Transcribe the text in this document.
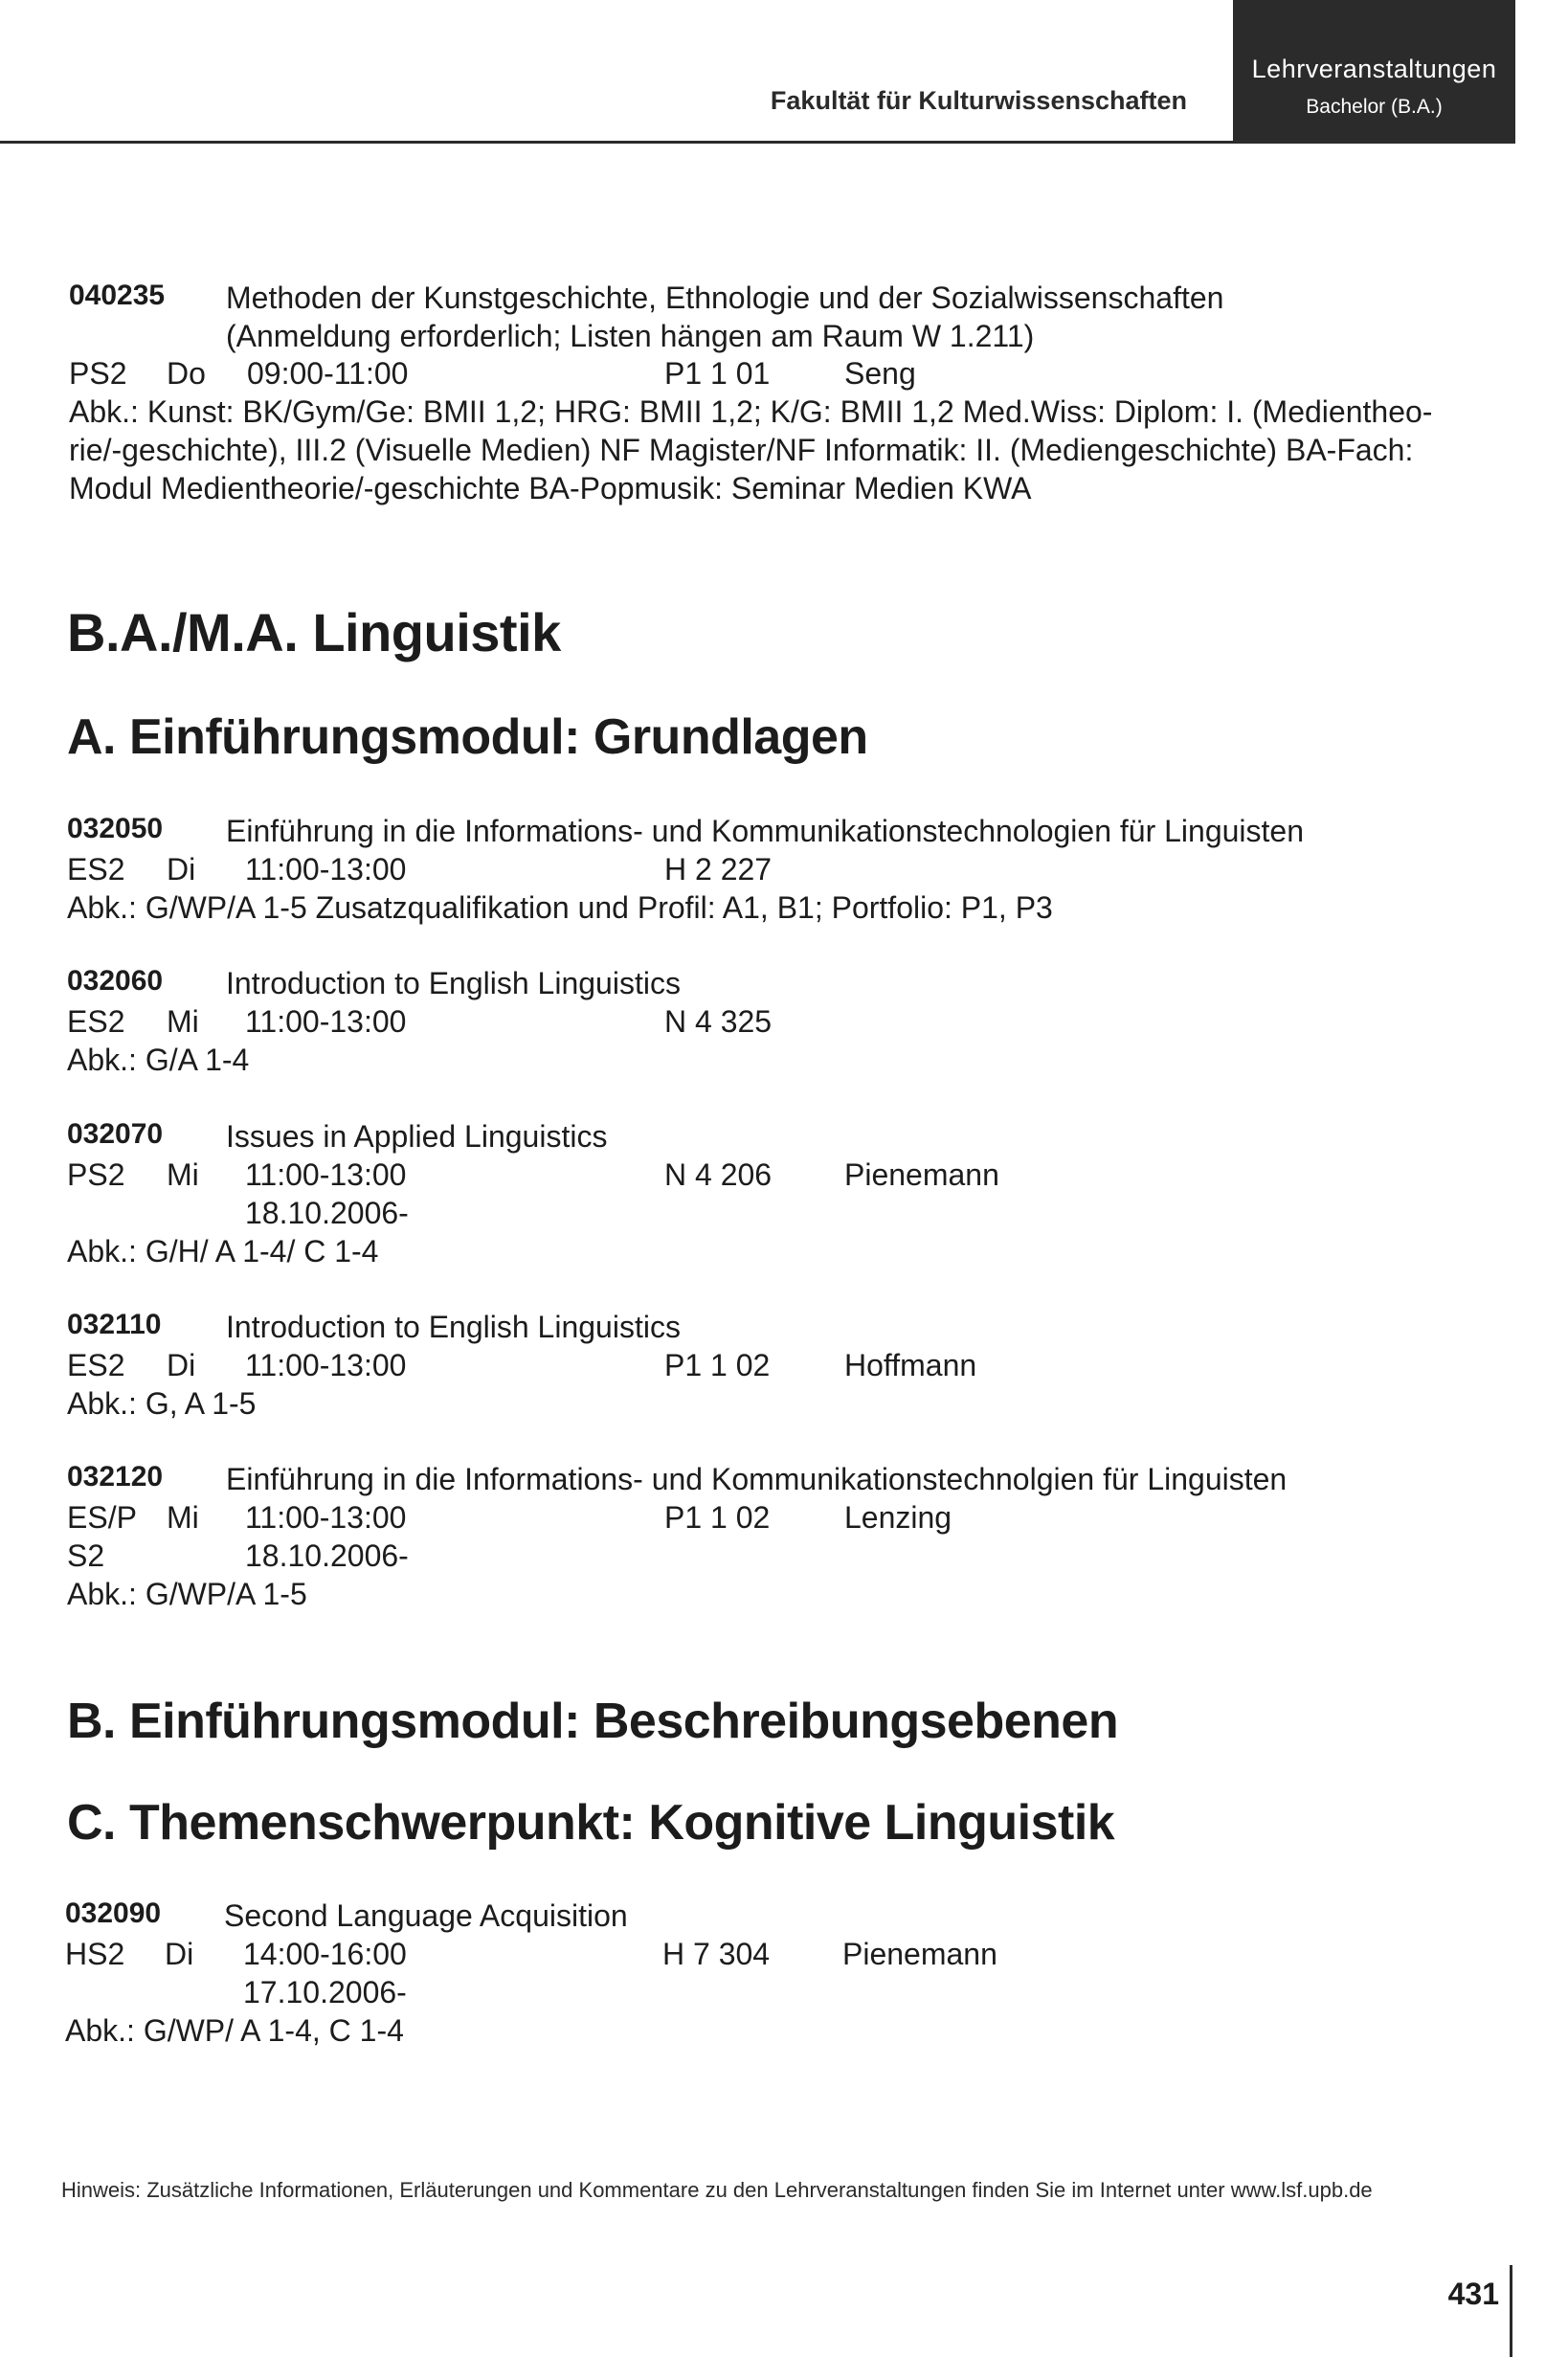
Fakultät für Kulturwissenschaften
Lehrveranstaltungen
Bachelor (B.A.)
040235 Methoden der Kunstgeschichte, Ethnologie und der Sozialwissenschaften
(Anmeldung erforderlich; Listen hängen am Raum W 1.211)
PS2 Do 09:00-11:00	P1 1 01 Seng
Abk.: Kunst: BK/Gym/Ge: BMII 1,2; HRG: BMII 1,2; K/G: BMII 1,2 Med.Wiss: Diplom: I. (Medientheo-
rie/-geschichte), III.2 (Visuelle Medien) NF Magister/NF Informatik: II. (Mediengeschichte) BA-Fach:
Modul Medientheorie/-geschichte BA-Popmusik: Seminar Medien KWA
B.A./M.A. Linguistik
A. Einführungsmodul: Grundlagen
032050 Einführung in die Informations- und Kommunikationstechnologien für Linguisten
ES2 Di 11:00-13:00	H 2 227
Abk.: G/WP/A 1-5 Zusatzqualifikation und Profil: A1, B1; Portfolio: P1, P3
032060 Introduction to English Linguistics
ES2 Mi 11:00-13:00	N 4 325
Abk.: G/A 1-4
032070 Issues in Applied Linguistics
PS2 Mi 11:00-13:00	N 4 206 Pienemann
18.10.2006-
Abk.: G/H/ A 1-4/ C 1-4
032110 Introduction to English Linguistics
ES2 Di 11:00-13:00	P1 1 02 Hoffmann
Abk.: G, A 1-5
032120 Einführung in die Informations- und Kommunikationstechnolgien für Linguisten
ES/P Mi 11:00-13:00	P1 1 02 Lenzing
S2	18.10.2006-
Abk.: G/WP/A 1-5
B. Einführungsmodul: Beschreibungsebenen
C. Themenschwerpunkt: Kognitive Linguistik
032090 Second Language Acquisition
HS2 Di 14:00-16:00	H 7 304 Pienemann
17.10.2006-
Abk.: G/WP/ A 1-4, C 1-4
Hinweis: Zusätzliche Informationen, Erläuterungen und Kommentare zu den Lehrveranstaltungen finden Sie im Internet unter www.lsf.upb.de
431
